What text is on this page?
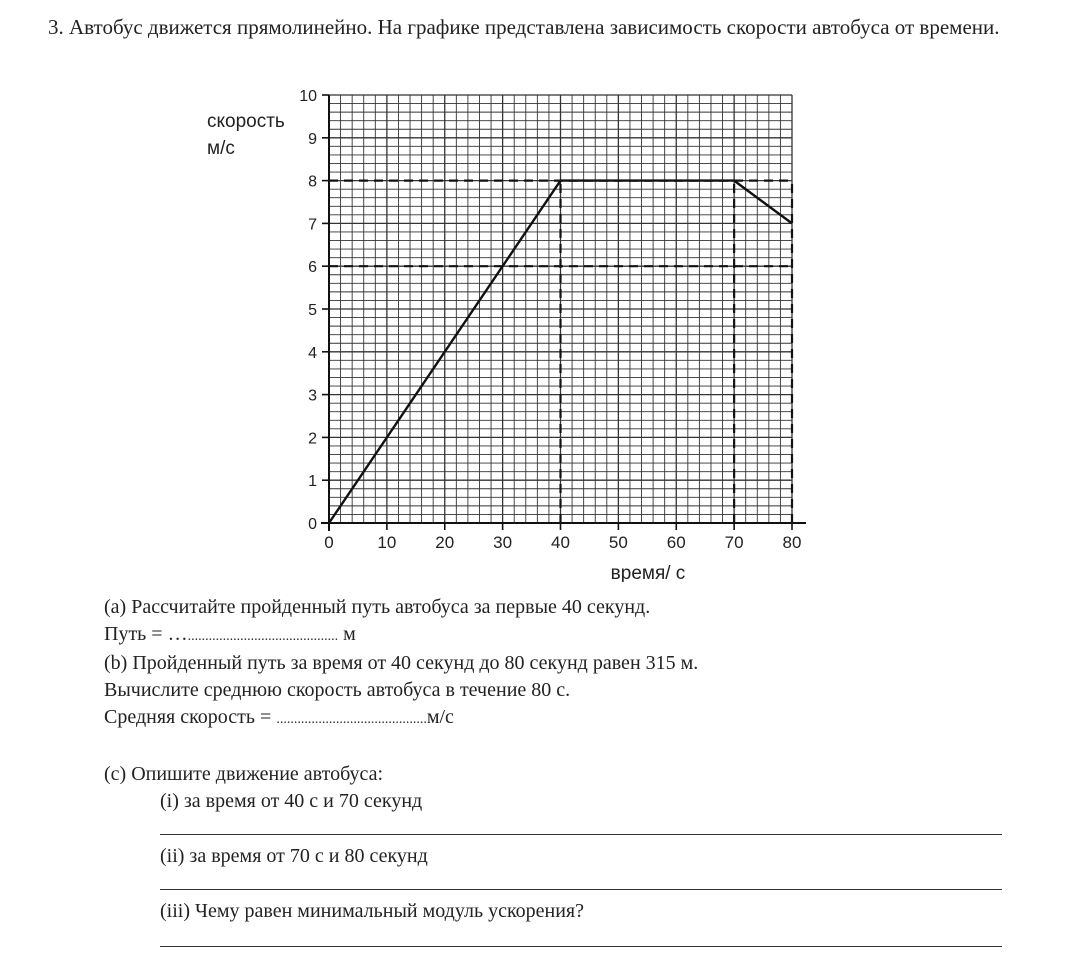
3. Автобус движется прямолинейно. На графике представлена зависимость скорости автобуса от времени.
0	10 20 30 40 50 60 70 80
0
1
2
3
4
5
6
7
8
9
10
скорость
м/с
время/ с
(a) Рассчитайте пройденный путь автобуса за первые 40 секунд.
Путь = …........................................... м
(b) Пройденный путь за время от 40 секунд до 80 секунд равен 315 м.
Вычислите среднюю скорость автобуса в течение 80 с.
Средняя скорость = ...........................................м/с
(c) Опишите движение автобуса:
(i) за время от 40 с и 70 секунд
(ii) за время от 70 с и 80 секунд
(iii) Чему равен минимальный модуль ускорения?
